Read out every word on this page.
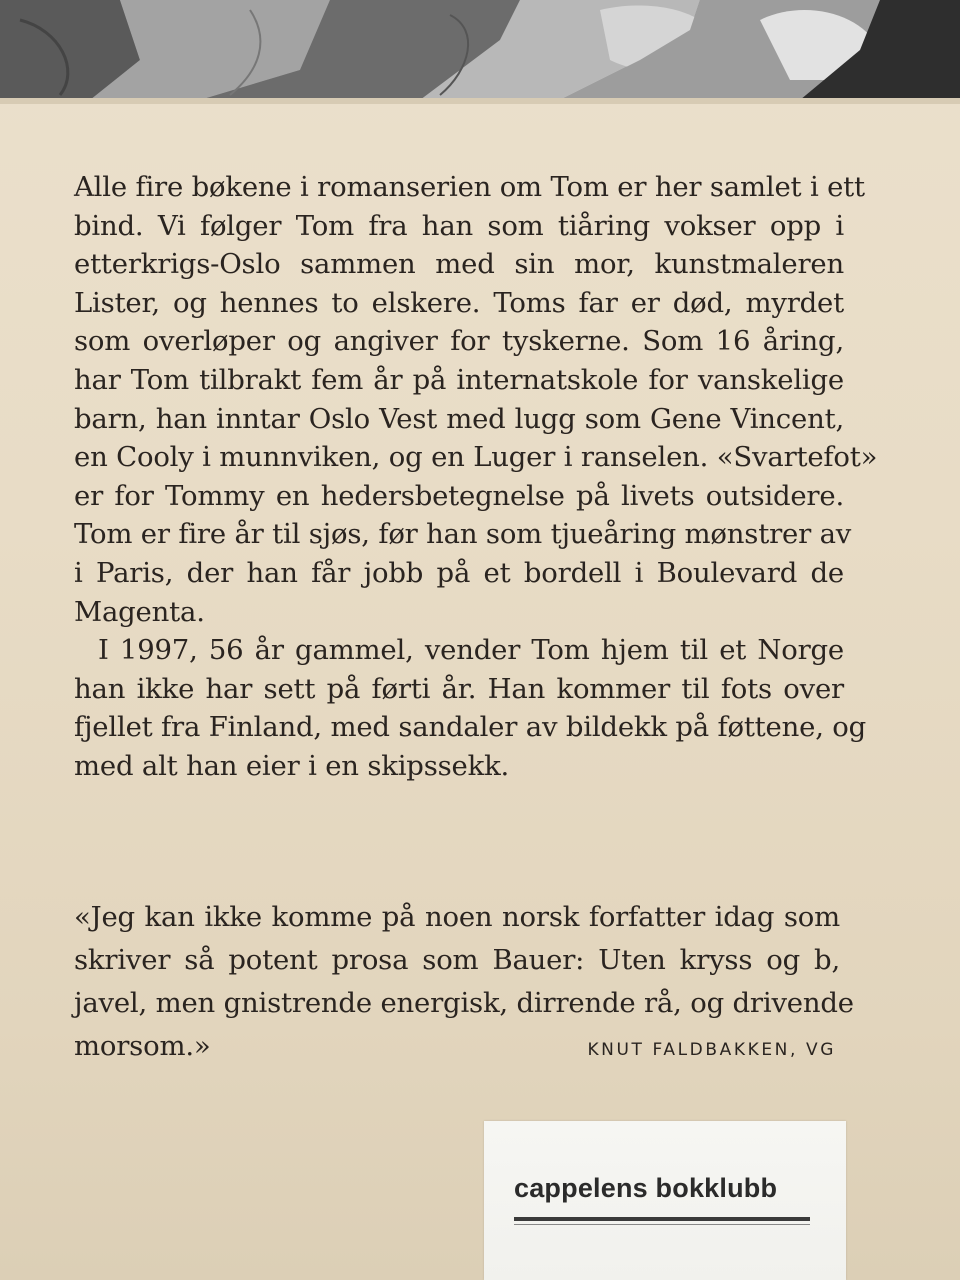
Alle fire bøkene i romanserien om Tom er her samlet i ett
bind. Vi følger Tom fra han som tiåring vokser opp i
etterkrigs-Oslo sammen med sin mor, kunstmaleren
Lister, og hennes to elskere. Toms far er død, myrdet
som overløper og angiver for tyskerne. Som 16 åring,
har Tom tilbrakt fem år på internatskole for vanskelige
barn, han inntar Oslo Vest med lugg som Gene Vincent,
en Cooly i munnviken, og en Luger i ranselen. «Svartefot»
er for Tommy en hedersbetegnelse på livets outsidere.
Tom er fire år til sjøs, før han som tjueåring mønstrer av
i Paris, der han får jobb på et bordell i Boulevard de
Magenta.
I 1997, 56 år gammel, vender Tom hjem til et Norge
han ikke har sett på førti år. Han kommer til fots over
fjellet fra Finland, med sandaler av bildekk på føttene, og
med alt han eier i en skipssekk.
«Jeg kan ikke komme på noen norsk forfatter idag som
skriver så potent prosa som Bauer: Uten kryss og b,
javel, men gnistrende energisk, dirrende rå, og drivende
morsom.»	KNUT FALDBAKKEN, VG
cappelens bokklubb
